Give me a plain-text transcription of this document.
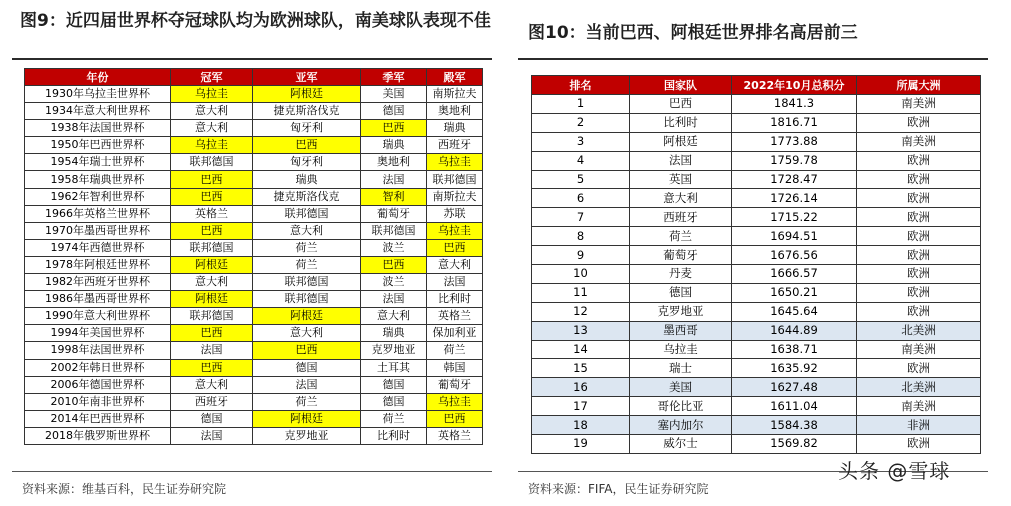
图9：近四届世界杯夺冠球队均为欧洲球队，南美球队表现不佳
年份	冠军	亚军	季军	殿军
1930年乌拉圭世界杯	乌拉圭	阿根廷	美国	南斯拉夫
1934年意大利世界杯	意大利	捷克斯洛伐克	德国	奥地利
1938年法国世界杯	意大利	匈牙利	巴西	瑞典
1950年巴西世界杯	乌拉圭	巴西	瑞典	西班牙
1954年瑞士世界杯	联邦德国	匈牙利	奥地利	乌拉圭
1958年瑞典世界杯	巴西	瑞典	法国	联邦德国
1962年智利世界杯	巴西	捷克斯洛伐克	智利	南斯拉夫
1966年英格兰世界杯	英格兰	联邦德国	葡萄牙	苏联
1970年墨西哥世界杯	巴西	意大利	联邦德国	乌拉圭
1974年西德世界杯	联邦德国	荷兰	波兰	巴西
1978年阿根廷世界杯	阿根廷	荷兰	巴西	意大利
1982年西班牙世界杯	意大利	联邦德国	波兰	法国
1986年墨西哥世界杯	阿根廷	联邦德国	法国	比利时
1990年意大利世界杯	联邦德国	阿根廷	意大利	英格兰
1994年美国世界杯	巴西	意大利	瑞典	保加利亚
1998年法国世界杯	法国	巴西	克罗地亚	荷兰
2002年韩日世界杯	巴西	德国	土耳其	韩国
2006年德国世界杯	意大利	法国	德国	葡萄牙
2010年南非世界杯	西班牙	荷兰	德国	乌拉圭
2014年巴西世界杯	德国	阿根廷	荷兰	巴西
2018年俄罗斯世界杯	法国	克罗地亚	比利时	英格兰
资料来源：维基百科，民生证券研究院
图10：当前巴西、阿根廷世界排名高居前三
排名	国家队	2022年10月总积分	所属大洲
1	巴西	1841.3	南美洲
2	比利时	1816.71	欧洲
3	阿根廷	1773.88	南美洲
4	法国	1759.78	欧洲
5	英国	1728.47	欧洲
6	意大利	1726.14	欧洲
7	西班牙	1715.22	欧洲
8	荷兰	1694.51	欧洲
9	葡萄牙	1676.56	欧洲
10	丹麦	1666.57	欧洲
11	德国	1650.21	欧洲
12	克罗地亚	1645.64	欧洲
13	墨西哥	1644.89	北美洲
14	乌拉圭	1638.71	南美洲
15	瑞士	1635.92	欧洲
16	美国	1627.48	北美洲
17	哥伦比亚	1611.04	南美洲
18	塞内加尔	1584.38	非洲
19	威尔士	1569.82	欧洲
资料来源：FIFA，民生证券研究院
头条 @雪球
